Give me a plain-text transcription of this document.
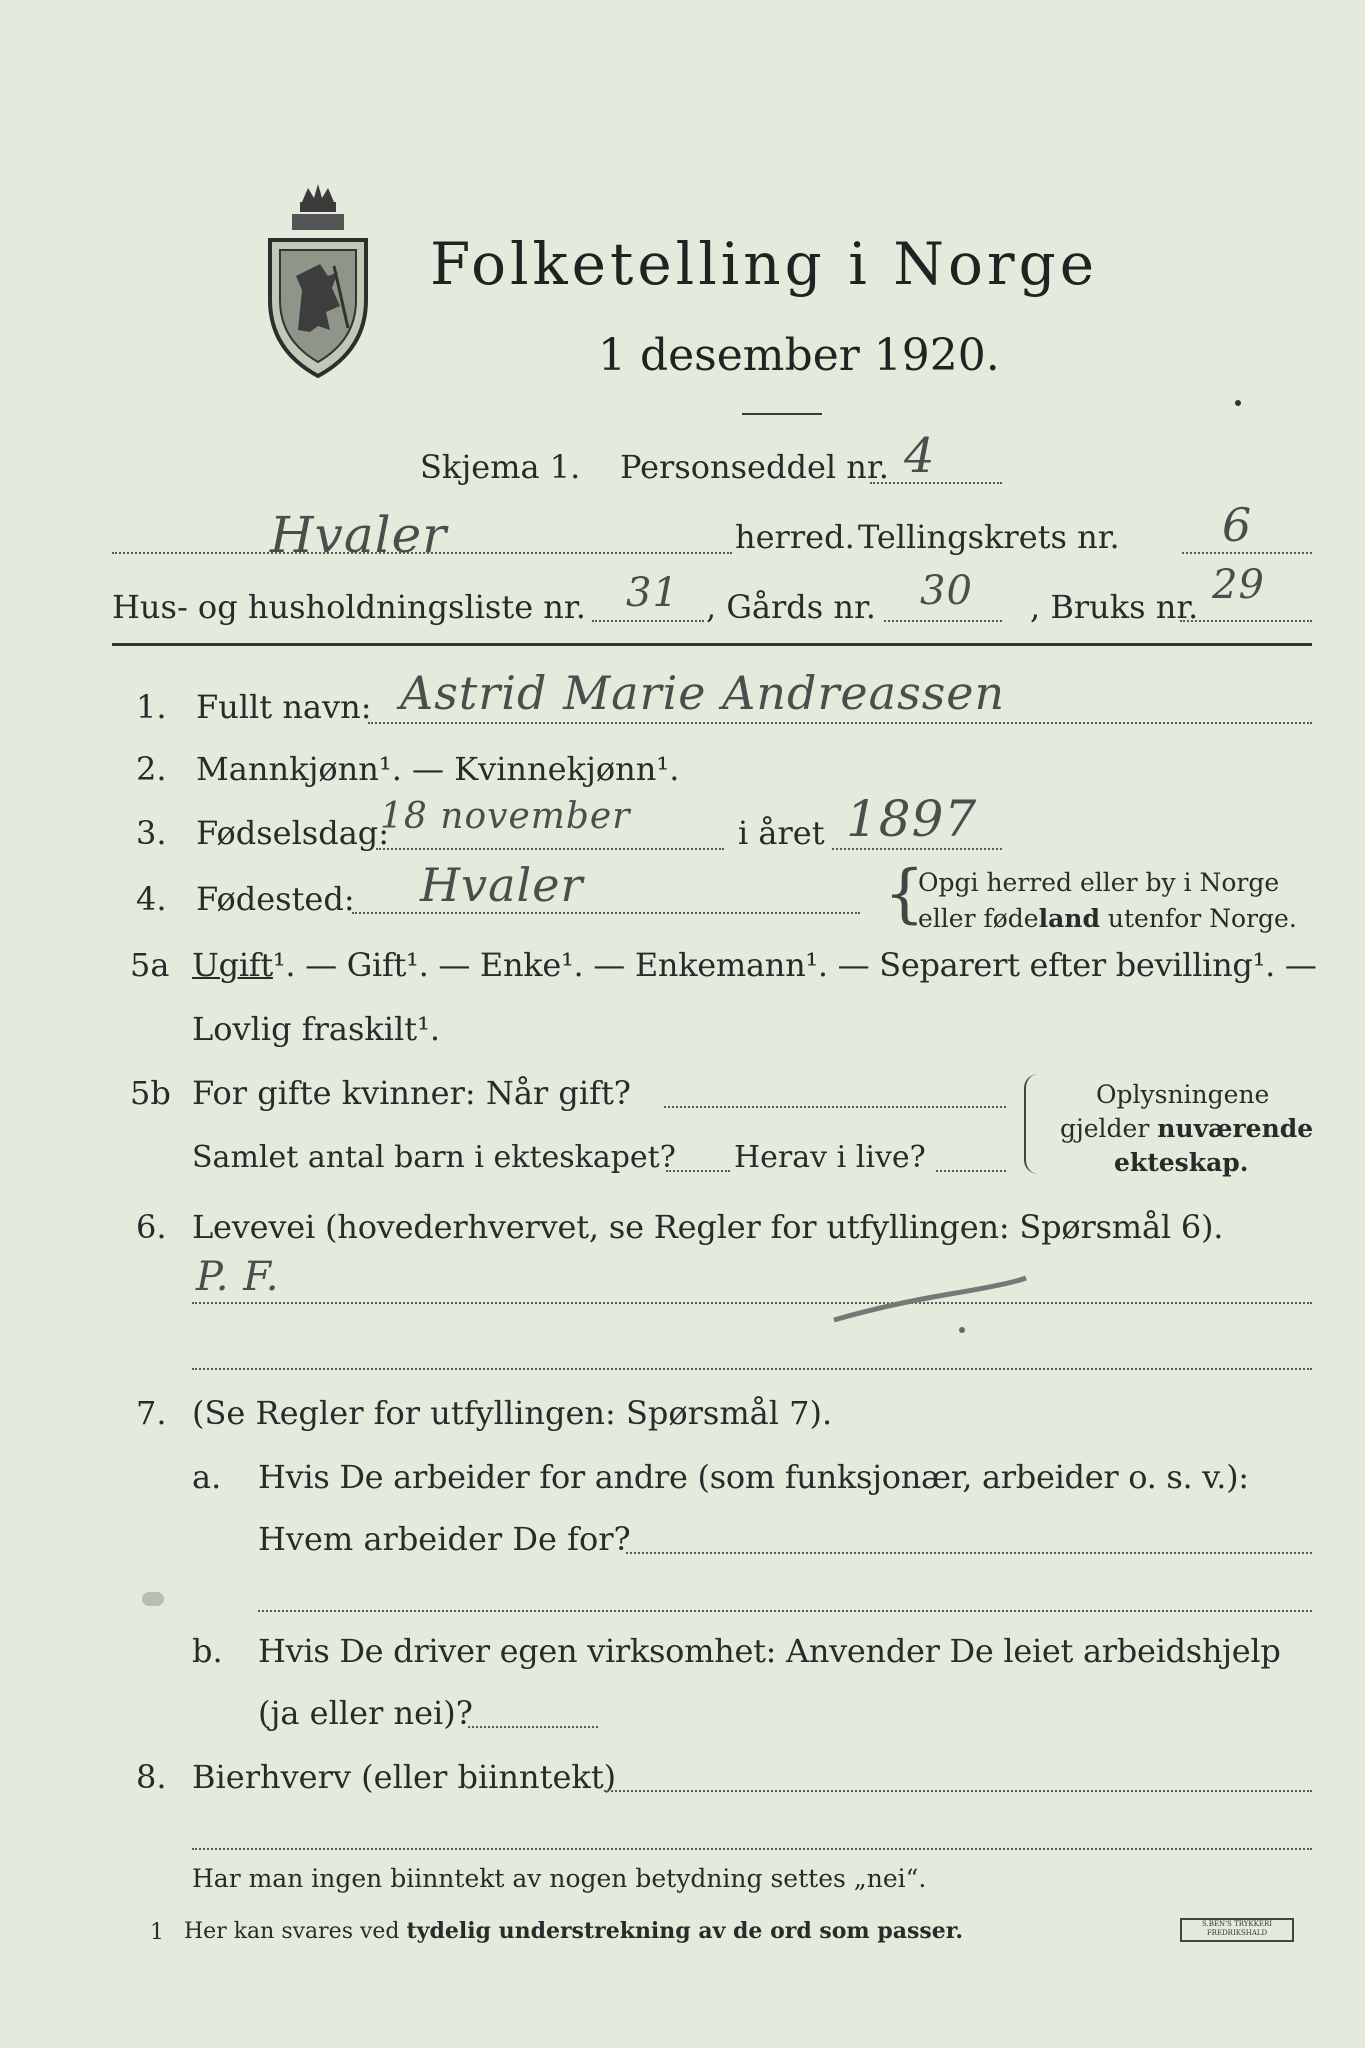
Folketelling i Norge
1 desember 1920.
Skjema 1. Personseddel nr. 4
Hvaler	herred. Tellingskrets nr. 6
Hus- og husholdningsliste nr. 31 , Gårds nr. 30 , Bruks nr. 29
1. Fullt navn: Astrid Marie Andreassen
2. Mannkjønn¹. — Kvinnekjønn¹.
3. Fødselsdag:
18 november	i året 1897
4. Fødested: Hvaler	{
Opgi herred eller by i Norge
eller fødeland utenfor Norge.
5a Ugift¹. — Gift¹. — Enke¹. — Enkemann¹. — Separert efter bevilling¹. —
Lovlig fraskilt¹.
5b For gifte kvinner: Når gift?
Samlet antal barn i ekteskapet? Herav i live?
Oplysningene
gjelder nuværende
ekteskap.
6. Levevei (hovederhvervet, se Regler for utfyllingen: Spørsmål 6).
P. F.
7. (Se Regler for utfyllingen: Spørsmål 7).
a. Hvis De arbeider for andre (som funksjonær, arbeider o. s. v.):
Hvem arbeider De for?
b. Hvis De driver egen virksomhet: Anvender De leiet arbeidshjelp
(ja eller nei)?
8. Bierhverv (eller biinntekt)
Har man ingen biinntekt av nogen betydning settes „nei“.
1 Her kan svares ved tydelig understrekning av de ord som passer.	S.BEN'S TRYKKERI FREDRIKSHALD
